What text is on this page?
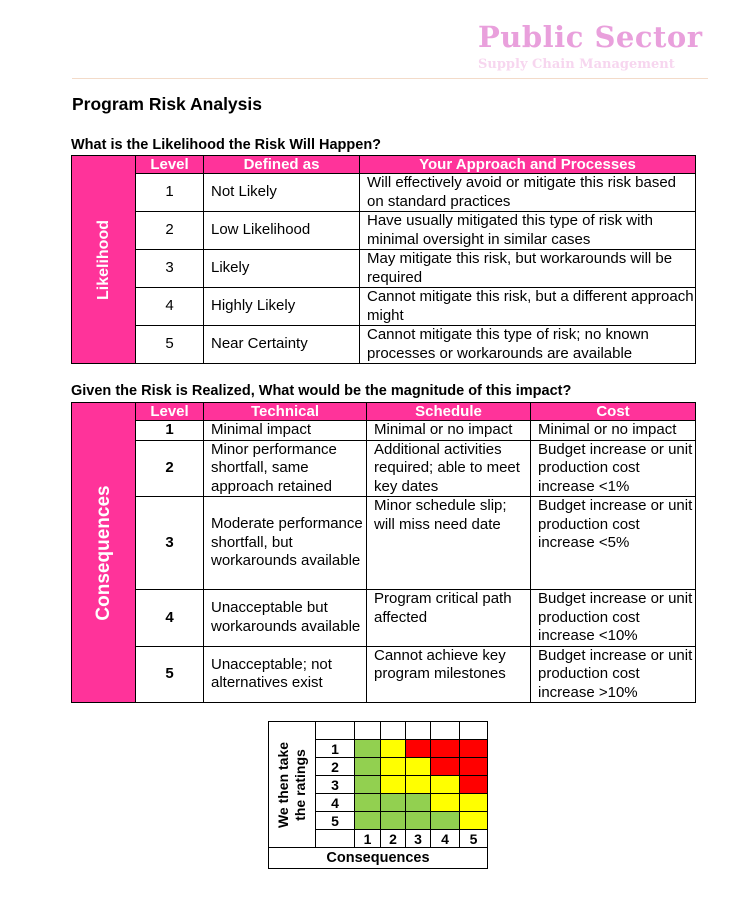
Public Sector
Supply Chain Management
Program Risk Analysis
What is the Likelihood the Risk Will Happen?
Likelihood	Level	Defined as	Your Approach and Processes
	1	Not Likely	Will effectively avoid or mitigate this risk based on standard practices
	2	Low Likelihood	Have usually mitigated this type of risk with minimal oversight in similar cases
	3	Likely	May mitigate this risk, but workarounds will be required
	4	Highly Likely	Cannot mitigate this risk, but a different approach might
	5	Near Certainty	Cannot mitigate this type of risk; no known processes or workarounds are available
Given the Risk is Realized, What would be the magnitude of this impact?
Consequences	Level	Technical	Schedule	Cost
	1	Minimal impact	Minimal or no impact	Minimal or no impact
	2	Minor performance shortfall, same approach retained	Additional activities required; able to meet key dates	Budget increase or unit production cost increase <1%
	3	Moderate performance shortfall, but workarounds available	Minor schedule slip; will miss need date	Budget increase or unit production cost increase <5%
	4	Unacceptable but workarounds available	Program critical path affected	Budget increase or unit production cost increase <10%
	5	Unacceptable; not alternatives exist	Cannot achieve key program milestones	Budget increase or unit production cost increase >10%
We then take the ratings						

	1					
	2					
	3					
	4					
	5					
		1	2	3	4	5
Consequences						
